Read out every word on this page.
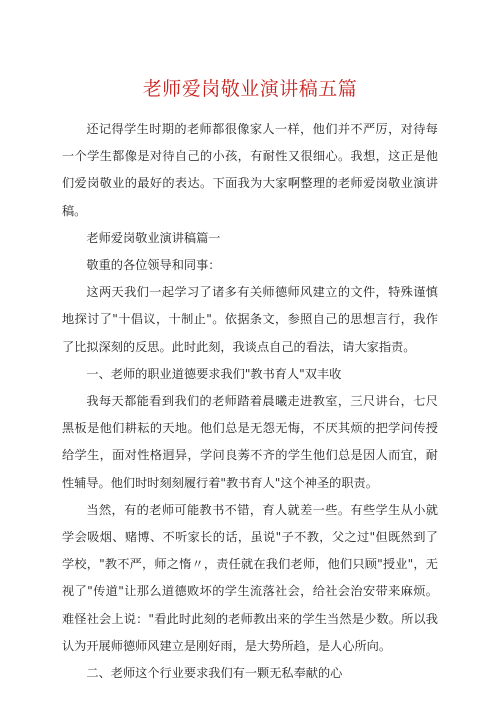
老师爱岗敬业演讲稿五篇

还记得学生时期的老师都很像家人一样，他们并不严厉，对待每一个学生都像是对待自己的小孩，有耐性又很细心。我想，这正是他们爱岗敬业的最好的表达。下面我为大家啊整理的老师爱岗敬业演讲稿。

老师爱岗敬业演讲稿篇一

敬重的各位领导和同事：

这两天我们一起学习了诸多有关师德师风建立的文件，特殊谨慎地探讨了"十倡议，十制止"。依据条文，参照自己的思想言行，我作了比拟深刻的反思。此时此刻，我谈点自己的看法，请大家指责。

一、老师的职业道德要求我们"教书育人"双丰收

我每天都能看到我们的老师踏着晨曦走进教室，三尺讲台，七尺黑板是他们耕耘的天地。他们总是无怨无悔，不厌其烦的把学问传授给学生，面对性格迥异，学问良莠不齐的学生他们总是因人而宜，耐性辅导。他们时时刻刻履行着"教书育人"这个神圣的职责。

当然，有的老师可能教书不错，育人就差一些。有些学生从小就学会吸烟、赌博、不听家长的话，虽说"子不教，父之过"但既然到了学校，"教不严，师之惰〃，责任就在我们老师，他们只顾"授业"，无视了"传道"让那么道德败坏的学生流落社会，给社会治安带来麻烦。难怪社会上说："看此时此刻的老师教出来的学生当然是少数。所以我认为开展师德师风建立是刚好雨，是大势所趋，是人心所向。

二、老师这个行业要求我们有一颗无私奉献的心
